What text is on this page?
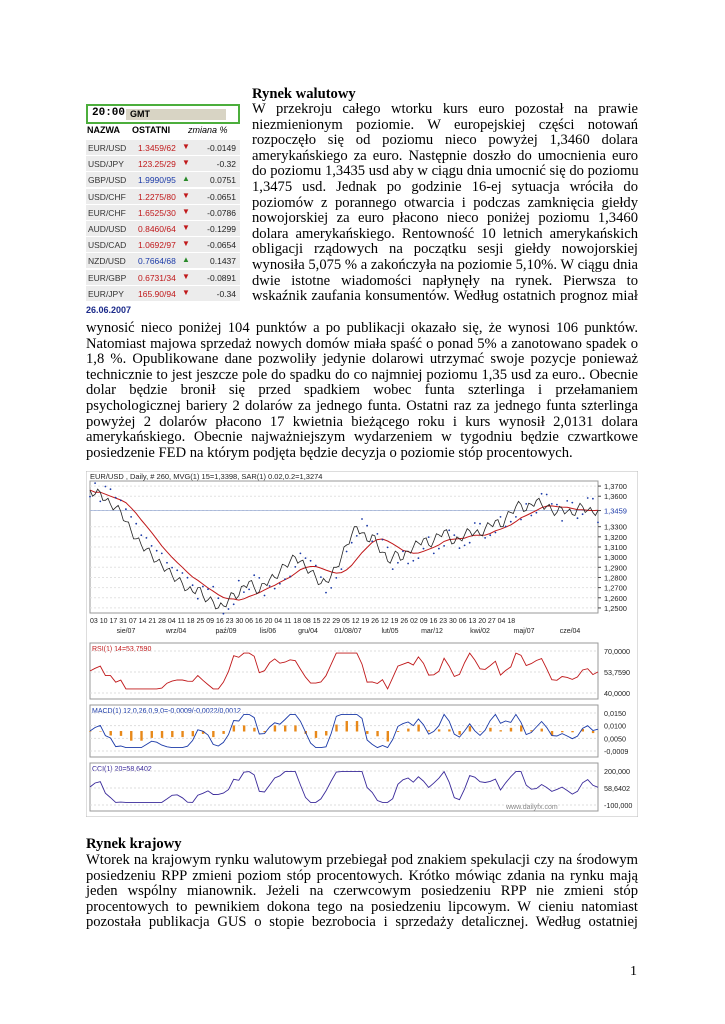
Rynek walutowy
20:00 GMT
NAZWA OSTATNI zmiana %
EUR/USD 1.3459/62 ▼ -0.0149
USD/JPY 123.25/29 ▼	-0.32
GBP/USD 1.9990/95 ▲ 0.0751
USD/CHF 1.2275/80 ▼ -0.0651
EUR/CHF 1.6525/30 ▼ -0.0786
AUD/USD 0.8460/64 ▼ -0.1299
USD/CAD 1.0692/97 ▼ -0.0654
NZD/USD 0.7664/68 ▲ 0.1437
EUR/GBP 0.6731/34 ▼ -0.0891
EUR/JPY 165.90/94 ▼	-0.34
26.06.2007
W przekroju całego wtorku kurs euro pozostał na prawie
niezmienionym poziomie. W europejskiej części notowań
rozpoczęło się od poziomu nieco powyżej 1,3460 dolara
amerykańskiego za euro. Następnie doszło do umocnienia euro
do poziomu 1,3435 usd aby w ciągu dnia umocnić się do poziomu
1,3475 usd. Jednak po godzinie 16-ej sytuacja wróciła do
poziomów z porannego otwarcia i podczas zamknięcia giełdy
nowojorskiej za euro płacono nieco poniżej poziomu 1,3460
dolara amerykańskiego. Rentowność 10 letnich amerykańskich
obligacji rządowych na początku sesji giełdy nowojorskiej
wynosiła 5,075 % a zakończyła na poziomie 5,10%. W ciągu dnia
dwie istotne wiadomości napłynęły na rynek. Pierwsza to
wskaźnik zaufania konsumentów. Według ostatnich prognoz miał
wynosić nieco poniżej 104 punktów a po publikacji okazało się, że wynosi 106 punktów.
Natomiast majowa sprzedaż nowych domów miała spaść o ponad 5% a zanotowano spadek o
1,8 %. Opublikowane dane pozwoliły jedynie dolarowi utrzymać swoje pozycje ponieważ
technicznie to jest jeszcze pole do spadku do co najmniej poziomu 1,35 usd za euro.. Obecnie
dolar będzie bronił się przed spadkiem wobec funta szterlinga i przełamaniem
psychologicznej bariery 2 dolarów za jednego funta. Ostatni raz za jednego funta szterlinga
powyżej 2 dolarów płacono 17 kwietnia bieżącego roku i kurs wynosił 2,0131 dolara
amerykańskiego. Obecnie najważniejszym wydarzeniem w tygodniu będzie czwartkowe
posiedzenie FED na którym podjęta będzie decyzja o poziomie stóp procentowych.
EUR/USD , Daily, # 260, MVG(1) 15=1,3398, SAR(1) 0.02,0.2=1,3274
1,3700
1,3600
1,3459
1,3300
1,3200
1,3100
1,3000
1,2900
1,2800
1,2700
1,2600
1,2500
03 10 17 31 07 14 21 28 04 11 18 25 09 16 23 30 06 16 20 04 11 18 08 15 22 29 05 12 19 26 12 19 26 02 09 16 23 30 06 13 20 27 04 18
sie/07	wrz/04	paź/09	lis/06	gru/04 01/08/07	lut/05	mar/12	kwi/02	maj/07	cze/04
RSI(1) 14=53,7590	70,0000
53,7590
40,0000
MACD(1) 12,0,26,0,9,0=-0,0009/-0,0022/0,0012	0,0150
0,0100
0,0050
-0,0009
CCI(1) 20=58,6402	200,000
58,6402
-100,000
www.dailyfx.com
Rynek krajowy
Wtorek na krajowym rynku walutowym przebiegał pod znakiem spekulacji czy na środowym
posiedzeniu RPP zmieni poziom stóp procentowych. Krótko mówiąc zdania na rynku mają
jeden wspólny mianownik. Jeżeli na czerwcowym posiedzeniu RPP nie zmieni stóp
procentowych to pewnikiem dokona tego na posiedzeniu lipcowym. W cieniu natomiast
pozostała publikacja GUS o stopie bezrobocia i sprzedaży detalicznej. Według ostatniej
1
